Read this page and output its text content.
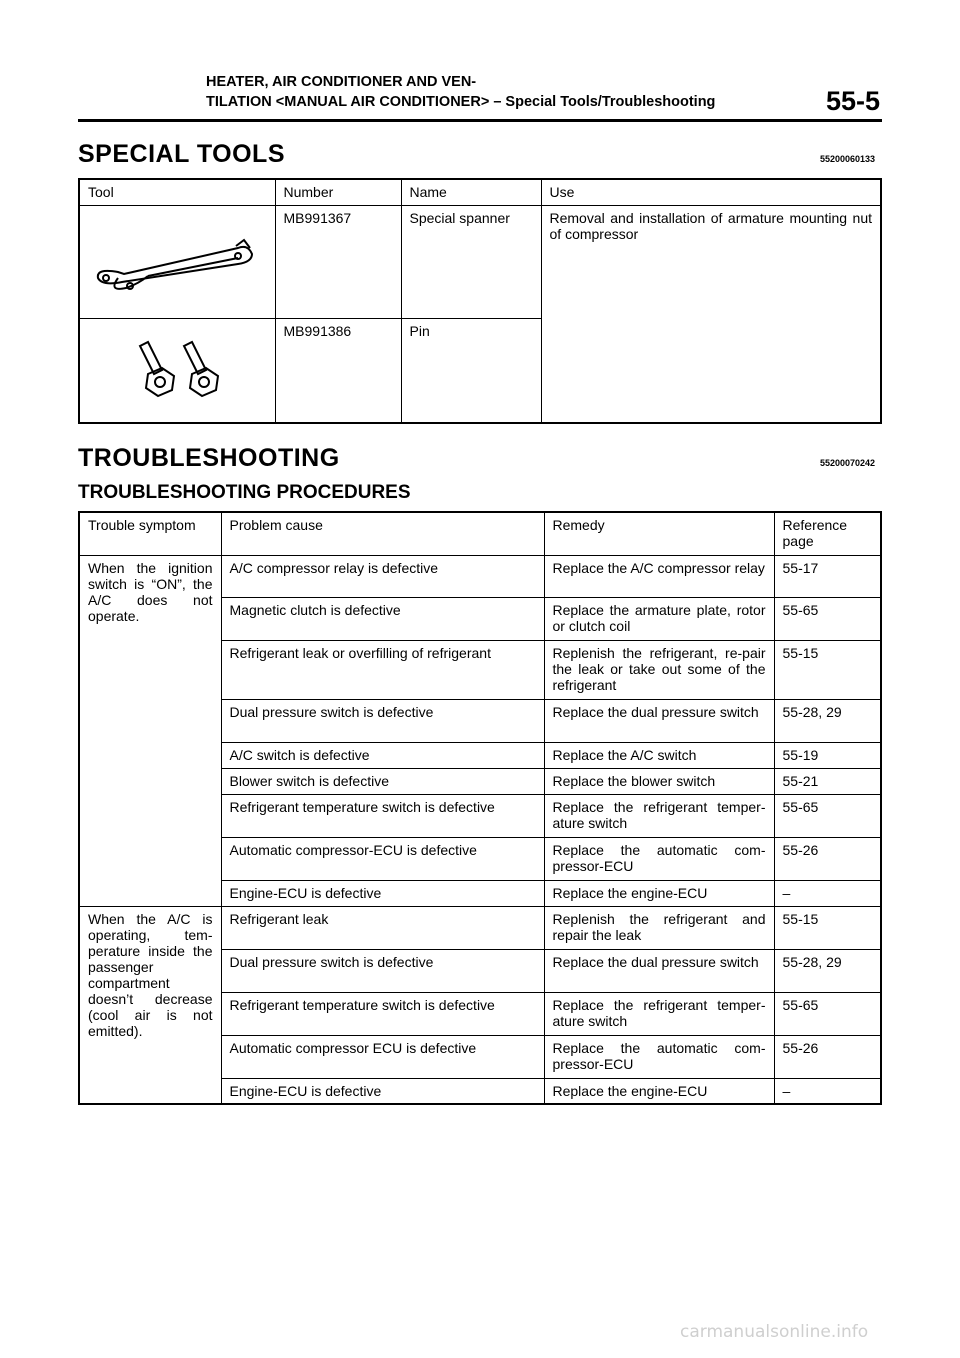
HEATER, AIR CONDITIONER AND VEN-
TILATION <MANUAL AIR CONDITIONER> – Special Tools/Troubleshooting	55-5
SPECIAL TOOLS	55200060133
Tool	Number	Name	Use

	MB991367	Special spanner	Removal and installation of armature mounting nut of compressor

	MB991386	Pin	
TROUBLESHOOTING	55200070242
TROUBLESHOOTING PROCEDURES
Trouble symptom	Problem cause	Remedy	Reference page
When the ignition switch is “ON”, the A/C does not operate.	A/C compressor relay is defective	Replace the A/C compressor relay	55-17
	Magnetic clutch is defective	Replace the armature plate, rotor or clutch coil	55-65
	Refrigerant leak or overfilling of refrigerant	Replenish the refrigerant, re-pair the leak or take out some of the refrigerant	55-15
	Dual pressure switch is defective	Replace the dual pressure switch	55-28, 29
	A/C switch is defective	Replace the A/C switch	55-19
	Blower switch is defective	Replace the blower switch	55-21
	Refrigerant temperature switch is defective	Replace the refrigerant temper-ature switch	55-65
	Automatic compressor-ECU is defective	Replace the automatic com-pressor-ECU	55-26
	Engine-ECU is defective	Replace the engine-ECU	–
When the A/C is operating, tem-perature inside the passenger compartment doesn’t decrease (cool air is not emitted).	Refrigerant leak	Replenish the refrigerant and repair the leak	55-15
	Dual pressure switch is defective	Replace the dual pressure switch	55-28, 29
	Refrigerant temperature switch is defective	Replace the refrigerant temper-ature switch	55-65
	Automatic compressor ECU is defective	Replace the automatic com-pressor-ECU	55-26
	Engine-ECU is defective	Replace the engine-ECU	–
carmanualsonline.info
